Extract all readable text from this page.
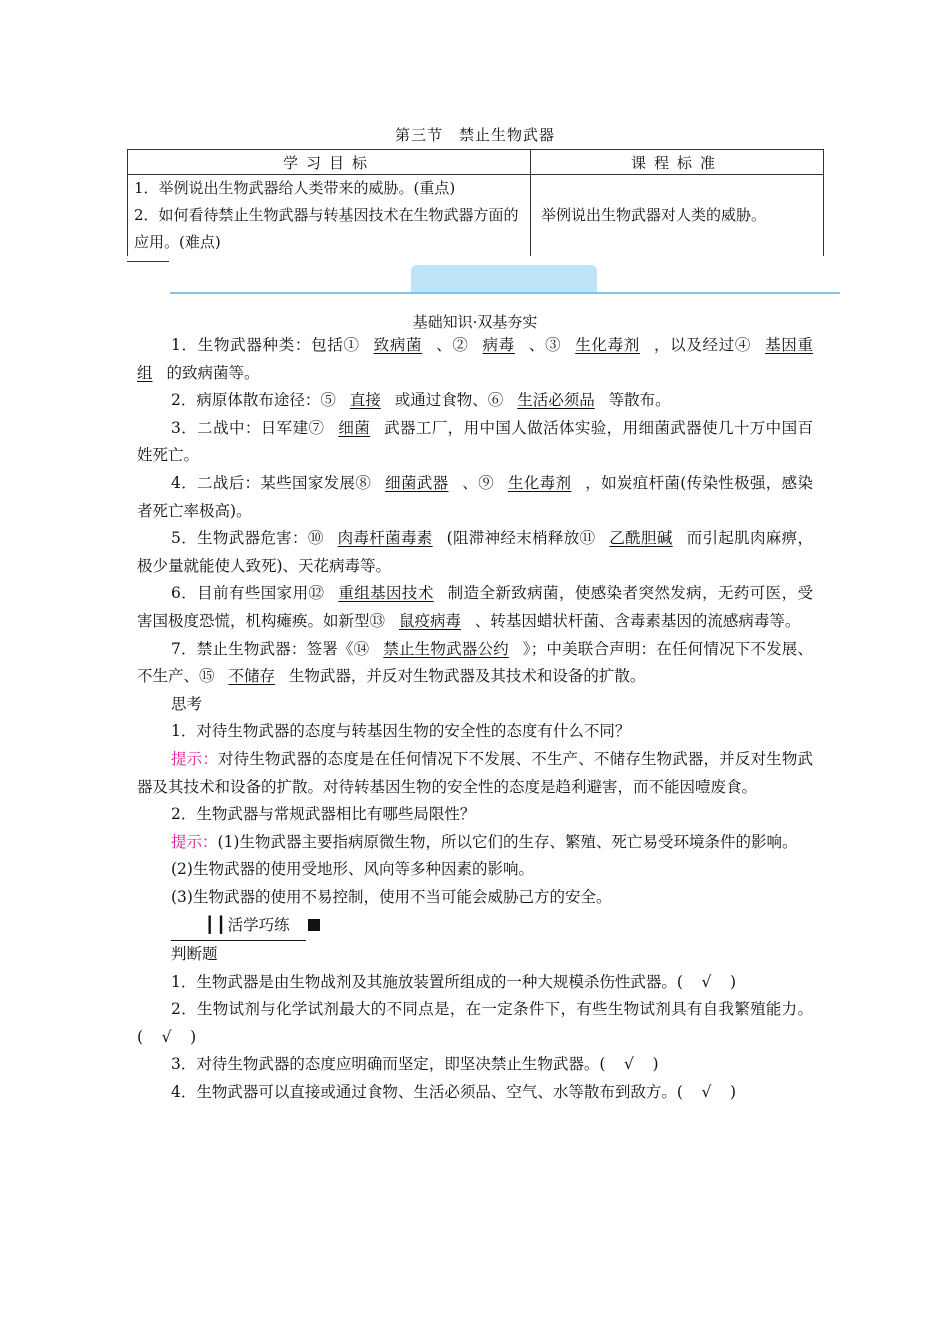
第三节　禁止生物武器
学习目标	课程标准

1．举例说出生物武器给人类带来的威胁。(重点)
2．如何看待禁止生物武器与转基因技术在生物武器方面的应用。(难点)	举例说出生物武器对人类的威胁。
基础知识·双基夯实

1．生物武器种类：包括① 致病菌 、② 病毒 、③ 生化毒剂 ，以及经过④ 基因重组 的致病菌等。

2．病原体散布途径：⑤ 直接 或通过食物、⑥ 生活必须品 等散布。

3．二战中：日军建⑦ 细菌 武器工厂，用中国人做活体实验，用细菌武器使几十万中国百姓死亡。

4．二战后：某些国家发展⑧ 细菌武器 、⑨ 生化毒剂 ，如炭疽杆菌(传染性极强，感染者死亡率极高)。

5．生物武器危害：⑩ 肉毒杆菌毒素 (阻滞神经末梢释放⑪ 乙酰胆碱 而引起肌肉麻痹，极少量就能使人致死)、天花病毒等。

6．目前有些国家用⑫ 重组基因技术 制造全新致病菌，使感染者突然发病，无药可医，受害国极度恐慌，机构瘫痪。如新型⑬ 鼠疫病毒 、转基因蜡状杆菌、含毒素基因的流感病毒等。

7．禁止生物武器：签署《⑭ 禁止生物武器公约 》；中美联合声明：在任何情况下不发展、不生产、⑮ 不储存 生物武器，并反对生物武器及其技术和设备的扩散。

思考

1．对待生物武器的态度与转基因生物的安全性的态度有什么不同？

提示：对待生物武器的态度是在任何情况下不发展、不生产、不储存生物武器，并反对生物武器及其技术和设备的扩散。对待转基因生物的安全性的态度是趋利避害，而不能因噎废食。

2．生物武器与常规武器相比有哪些局限性？

提示：(1)生物武器主要指病原微生物，所以它们的生存、繁殖、死亡易受环境条件的影响。

(2)生物武器的使用受地形、风向等多种因素的影响。

(3)生物武器的使用不易控制，使用不当可能会威胁己方的安全。

┃┃活学巧练

判断题

1．生物武器是由生物战剂及其施放装置所组成的一种大规模杀伤性武器。( √ )

2．生物试剂与化学试剂最大的不同点是，在一定条件下，有些生物试剂具有自我繁殖能力。( √ )

3．对待生物武器的态度应明确而坚定，即坚决禁止生物武器。( √ )

4．生物武器可以直接或通过食物、生活必须品、空气、水等散布到敌方。( √ )
